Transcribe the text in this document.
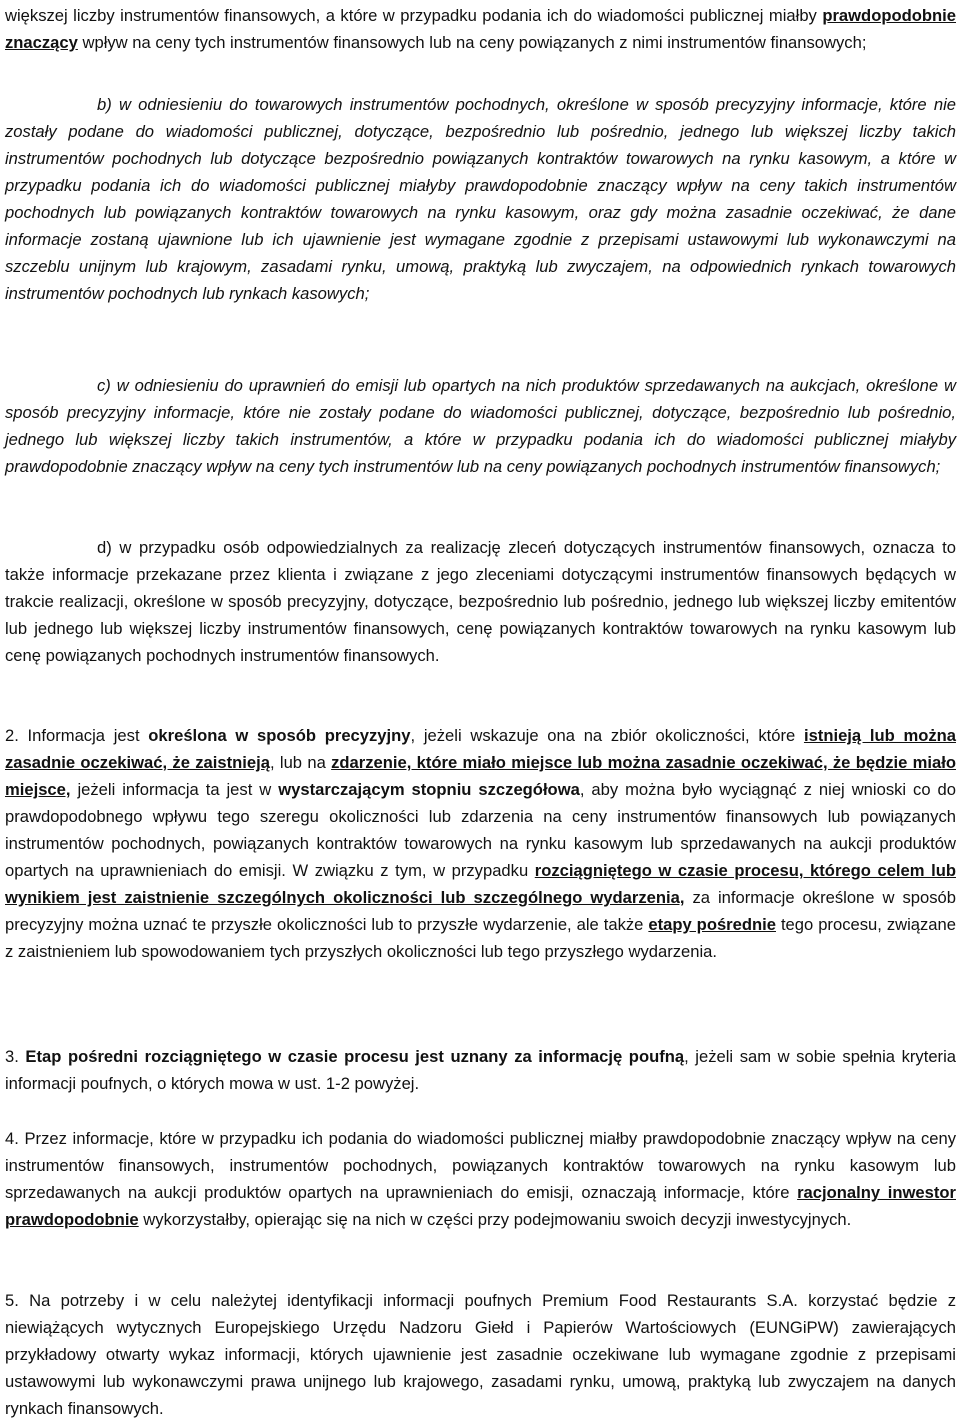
większej liczby instrumentów finansowych, a które w przypadku podania ich do wiadomości publicznej miałby prawdopodobnie znaczący wpływ na ceny tych instrumentów finansowych lub na ceny powiązanych z nimi instrumentów finansowych;

b) w odniesieniu do towarowych instrumentów pochodnych, określone w sposób precyzyjny informacje, które nie zostały podane do wiadomości publicznej, dotyczące, bezpośrednio lub pośrednio, jednego lub większej liczby takich instrumentów pochodnych lub dotyczące bezpośrednio powiązanych kontraktów towarowych na rynku kasowym, a które w przypadku podania ich do wiadomości publicznej miałyby prawdopodobnie znaczący wpływ na ceny takich instrumentów pochodnych lub powiązanych kontraktów towarowych na rynku kasowym, oraz gdy można zasadnie oczekiwać, że dane informacje zostaną ujawnione lub ich ujawnienie jest wymagane zgodnie z przepisami ustawowymi lub wykonawczymi na szczeblu unijnym lub krajowym, zasadami rynku, umową, praktyką lub zwyczajem, na odpowiednich rynkach towarowych instrumentów pochodnych lub rynkach kasowych;

c) w odniesieniu do uprawnień do emisji lub opartych na nich produktów sprzedawanych na aukcjach, określone w sposób precyzyjny informacje, które nie zostały podane do wiadomości publicznej, dotyczące, bezpośrednio lub pośrednio, jednego lub większej liczby takich instrumentów, a które w przypadku podania ich do wiadomości publicznej miałyby prawdopodobnie znaczący wpływ na ceny tych instrumentów lub na ceny powiązanych pochodnych instrumentów finansowych;

d) w przypadku osób odpowiedzialnych za realizację zleceń dotyczących instrumentów finansowych, oznacza to także informacje przekazane przez klienta i związane z jego zleceniami dotyczącymi instrumentów finansowych będących w trakcie realizacji, określone w sposób precyzyjny, dotyczące, bezpośrednio lub pośrednio, jednego lub większej liczby emitentów lub jednego lub większej liczby instrumentów finansowych, cenę powiązanych kontraktów towarowych na rynku kasowym lub cenę powiązanych pochodnych instrumentów finansowych.

2. Informacja jest określona w sposób precyzyjny, jeżeli wskazuje ona na zbiór okoliczności, które istnieją lub można zasadnie oczekiwać, że zaistnieją, lub na zdarzenie, które miało miejsce lub można zasadnie oczekiwać, że będzie miało miejsce, jeżeli informacja ta jest w wystarczającym stopniu szczegółowa, aby można było wyciągnąć z niej wnioski co do prawdopodobnego wpływu tego szeregu okoliczności lub zdarzenia na ceny instrumentów finansowych lub powiązanych instrumentów pochodnych, powiązanych kontraktów towarowych na rynku kasowym lub sprzedawanych na aukcji produktów opartych na uprawnieniach do emisji. W związku z tym, w przypadku rozciągniętego w czasie procesu, którego celem lub wynikiem jest zaistnienie szczególnych okoliczności lub szczególnego wydarzenia, za informacje określone w sposób precyzyjny można uznać te przyszłe okoliczności lub to przyszłe wydarzenie, ale także etapy pośrednie tego procesu, związane z zaistnieniem lub spowodowaniem tych przyszłych okoliczności lub tego przyszłego wydarzenia.

3. Etap pośredni rozciągniętego w czasie procesu jest uznany za informację poufną, jeżeli sam w sobie spełnia kryteria informacji poufnych, o których mowa w ust. 1-2 powyżej.

4. Przez informacje, które w przypadku ich podania do wiadomości publicznej miałby prawdopodobnie znaczący wpływ na ceny instrumentów finansowych, instrumentów pochodnych, powiązanych kontraktów towarowych na rynku kasowym lub sprzedawanych na aukcji produktów opartych na uprawnieniach do emisji, oznaczają informacje, które racjonalny inwestor prawdopodobnie wykorzystałby, opierając się na nich w części przy podejmowaniu swoich decyzji inwestycyjnych.

5. Na potrzeby i w celu należytej identyfikacji informacji poufnych Premium Food Restaurants S.A. korzystać będzie z niewiążących wytycznych Europejskiego Urzędu Nadzoru Giełd i Papierów Wartościowych (EUNGiPW) zawierających przykładowy otwarty wykaz informacji, których ujawnienie jest zasadnie oczekiwane lub wymagane zgodnie z przepisami ustawowymi lub wykonawczymi prawa unijnego lub krajowego, zasadami rynku, umową, praktyką lub zwyczajem na danych rynkach finansowych.
